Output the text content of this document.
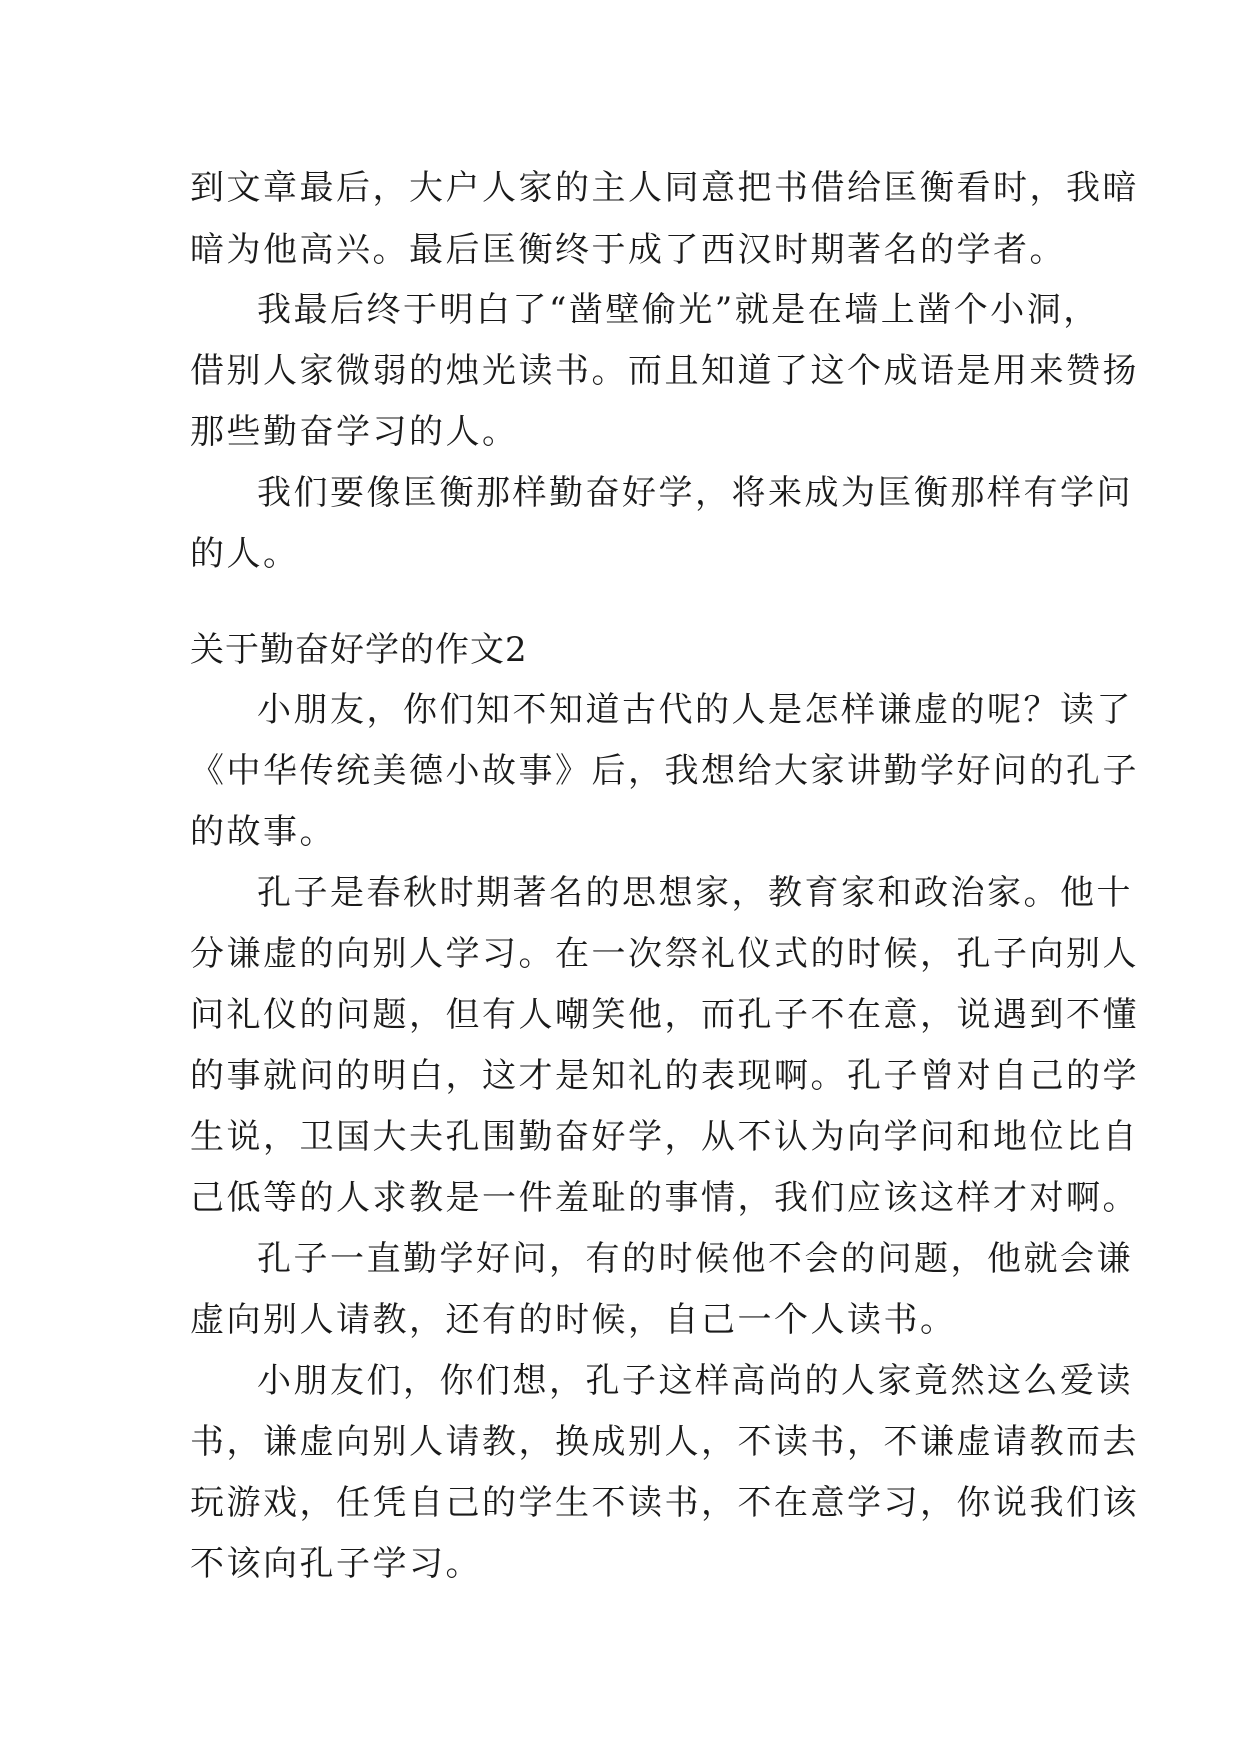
到文章最后，大户人家的主人同意把书借给匡衡看时，我暗
暗为他高兴。最后匡衡终于成了西汉时期著名的学者。
我最后终于明白了“凿壁偷光”就是在墙上凿个小洞，
借别人家微弱的烛光读书。而且知道了这个成语是用来赞扬
那些勤奋学习的人。
我们要像匡衡那样勤奋好学，将来成为匡衡那样有学问
的人。
关于勤奋好学的作文2
小朋友，你们知不知道古代的人是怎样谦虚的呢？读了
《中华传统美德小故事》后，我想给大家讲勤学好问的孔子
的故事。
孔子是春秋时期著名的思想家，教育家和政治家。他十
分谦虚的向别人学习。在一次祭礼仪式的时候，孔子向别人
问礼仪的问题，但有人嘲笑他，而孔子不在意，说遇到不懂
的事就问的明白，这才是知礼的表现啊。孔子曾对自己的学
生说，卫国大夫孔围勤奋好学，从不认为向学问和地位比自
己低等的人求教是一件羞耻的事情，我们应该这样才对啊。
孔子一直勤学好问，有的时候他不会的问题，他就会谦
虚向别人请教，还有的时候，自己一个人读书。
小朋友们，你们想，孔子这样高尚的人家竟然这么爱读
书，谦虚向别人请教，换成别人，不读书，不谦虚请教而去
玩游戏，任凭自己的学生不读书，不在意学习，你说我们该
不该向孔子学习。
